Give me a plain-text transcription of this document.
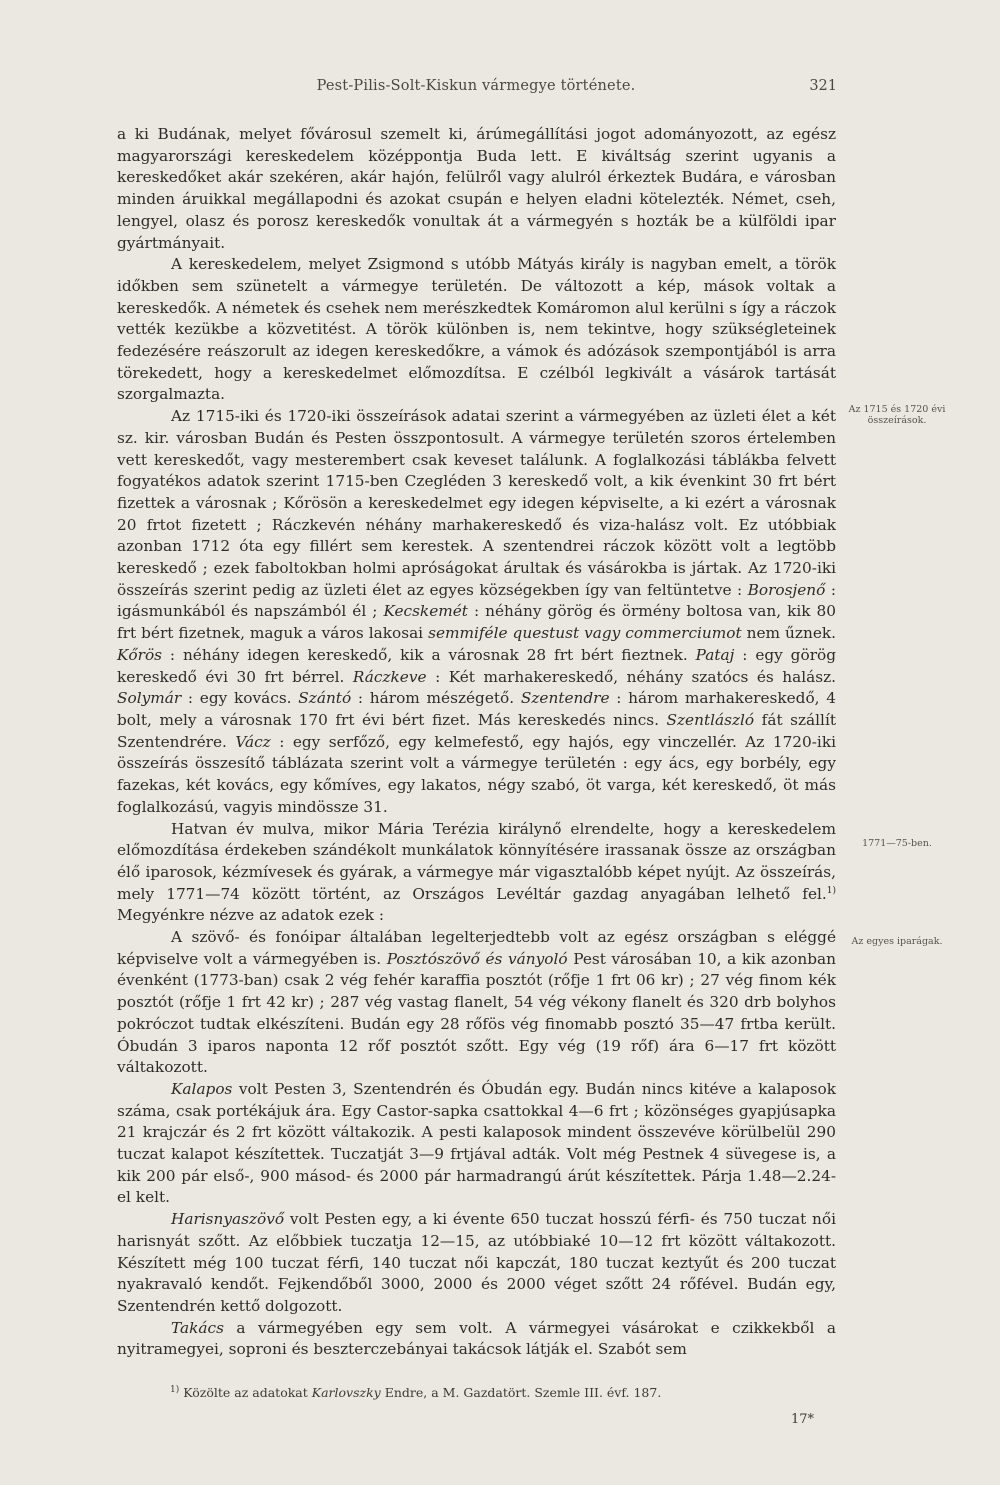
Pest-Pilis-Solt-Kiskun vármegye története.	321

a ki Budának, melyet fővárosul szemelt ki, árúmegállítási jogot adományozott, az egész magyarországi kereskedelem középpontja Buda lett. E kiváltság szerint ugyanis a kereskedőket akár szekéren, akár hajón, felülről vagy alulról érkeztek Budára, e városban minden áruikkal megállapodni és azokat csupán e helyen eladni kötelezték. Német, cseh, lengyel, olasz és porosz kereskedők vonultak át a vármegyén s hozták be a külföldi ipar gyártmányait.

A kereskedelem, melyet Zsigmond s utóbb Mátyás király is nagyban emelt, a török időkben sem szünetelt a vármegye területén. De változott a kép, mások voltak a kereskedők. A németek és csehek nem merészkedtek Komáromon alul kerülni s így a ráczok vették kezükbe a közvetitést. A török különben is, nem tekintve, hogy szükségleteinek fedezésére reászorult az idegen kereskedőkre, a vámok és adózások szempontjából is arra törekedett, hogy a kereskedelmet előmozdítsa. E czélból legkivált a vásárok tartását szorgalmazta.

Az 1715-iki és 1720-iki összeírások adatai szerint a vármegyében az üzleti élet a két sz. kir. városban Budán és Pesten összpontosult. A vármegye területén szoros értelemben vett kereskedőt, vagy mesterembert csak keveset találunk. A foglalkozási táblákba felvett fogyatékos adatok szerint 1715-ben Czegléden 3 kereskedő volt, a kik évenkint 30 frt bért fizettek a városnak ; Kőrösön a kereskedelmet egy idegen képviselte, a ki ezért a városnak 20 frtot fizetett ; Ráczkevén néhány marhakereskedő és viza-halász volt. Ez utóbbiak azonban 1712 óta egy fillért sem kerestek. A szentendrei ráczok között volt a legtöbb kereskedő ; ezek faboltokban holmi apróságokat árultak és vásárokba is jártak. Az 1720-iki összeírás szerint pedig az üzleti élet az egyes községekben így van feltüntetve : Borosjenő : igásmunkából és napszámból él ; Kecskemét : néhány görög és örmény boltosa van, kik 80 frt bért fizetnek, maguk a város lakosai semmiféle questust vagy commerciumot nem űznek. Kőrös : néhány idegen kereskedő, kik a városnak 28 frt bért fieztnek. Pataj : egy görög kereskedő évi 30 frt bérrel. Ráczkeve : Két marhakereskedő, néhány szatócs és halász. Solymár : egy kovács. Szántó : három mészégető. Szentendre : három marhakereskedő, 4 bolt, mely a városnak 170 frt évi bért fizet. Más kereskedés nincs. Szentlászló fát szállít Szentendrére. Vácz : egy serfőző, egy kelmefestő, egy hajós, egy vinczellér. Az 1720-iki összeírás összesítő táblázata szerint volt a vármegye területén : egy ács, egy borbély, egy fazekas, két kovács, egy kőmíves, egy lakatos, négy szabó, öt varga, két kereskedő, öt más foglalkozású, vagyis mindössze 31.

Hatvan év mulva, mikor Mária Terézia királynő elrendelte, hogy a kereskedelem előmozdítása érdekeben szándékolt munkálatok könnyítésére irassanak össze az országban élő iparosok, kézmívesek és gyárak, a vármegye már vigasztalóbb képet nyújt. Az összeírás, mely 1771—74 között történt, az Országos Levéltár gazdag anyagában lelhető fel.$^{1)}$ Megyénkre nézve az adatok ezek :

A szövő- és fonóipar általában legelterjedtebb volt az egész országban s eléggé képviselve volt a vármegyében is. Posztószövő és ványoló Pest városában 10, a kik azonban évenként (1773-ban) csak 2 vég fehér karaffia posztót (rőfje 1 frt 06 kr) ; 27 vég finom kék posztót (rőfje 1 frt 42 kr) ; 287 vég vastag flanelt, 54 vég vékony flanelt és 320 drb bolyhos pokróczot tudtak elkészíteni. Budán egy 28 rőfös vég finomabb posztó 35—47 frtba került. Óbudán 3 iparos naponta 12 rőf posztót szőtt. Egy vég (19 rőf) ára 6—17 frt között váltakozott.

Kalapos volt Pesten 3, Szentendrén és Óbudán egy. Budán nincs kitéve a kalaposok száma, csak portékájuk ára. Egy Castor-sapka csattokkal 4—6 frt ; közönséges gyapjúsapka 21 krajczár és 2 frt között váltakozik. A pesti kalaposok mindent összevéve körülbelül 290 tuczat kalapot készítettek. Tuczatját 3—9 frtjával adták. Volt még Pestnek 4 süvegese is, a kik 200 pár első-, 900 másod- és 2000 pár harmadrangú árút készítettek. Párja 1.48—2.24-el kelt.

Harisnyaszövő volt Pesten egy, a ki évente 650 tuczat hosszú férfi- és 750 tuczat női harisnyát szőtt. Az előbbiek tuczatja 12—15, az utóbbiaké 10—12 frt között váltakozott. Készített még 100 tuczat férfi, 140 tuczat női kapczát, 180 tuczat keztyűt és 200 tuczat nyakravaló kendőt. Fejkendőből 3000, 2000 és 2000 véget szőtt 24 rőfével. Budán egy, Szentendrén kettő dolgozott.

Takács a vármegyében egy sem volt. A vármegyei vásárokat e czikkekből a nyitramegyei, soproni és beszterczebányai takácsok látják el. Szabót sem

Az 1715 és 1720 évi összeírások.
1771—75-ben.
Az egyes iparágak.
$^{1)}$ Közölte az adatokat Karlovszky Endre, a M. Gazdatört. Szemle III. évf. 187.
17*
